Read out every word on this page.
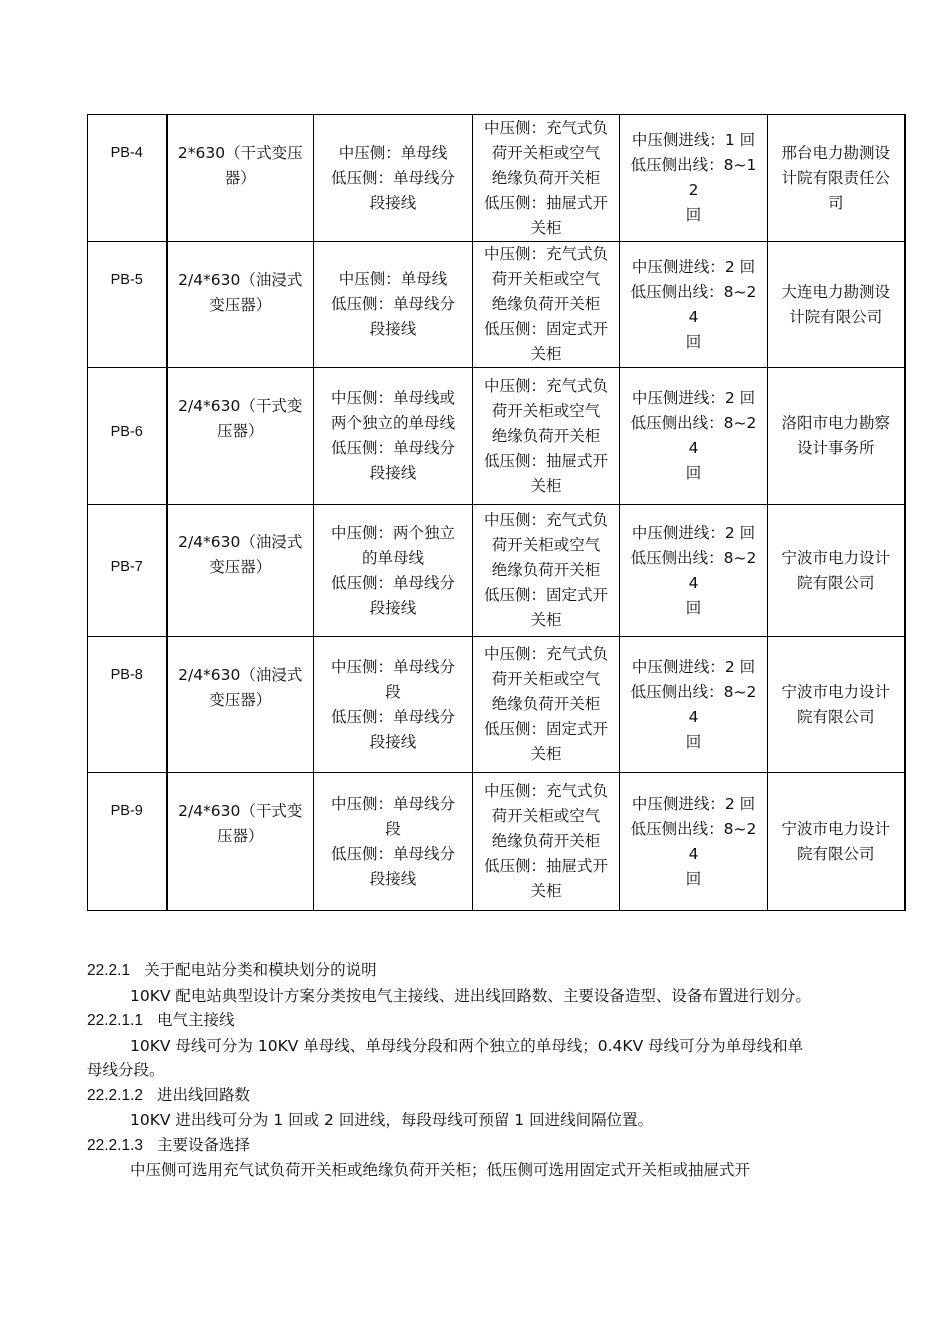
PB-4	2*630（干式变压
器）	中压侧：单母线
低压侧：单母线分
段接线	中压侧：充气式负
荷开关柜或空气
绝缘负荷开关柜
低压侧：抽屉式开
关柜	中压侧进线：1 回
低压侧出线：8~12
回	邢台电力勘测设
计院有限责任公
司
PB-5	2/4*630（油浸式
变压器）	中压侧：单母线
低压侧：单母线分
段接线	中压侧：充气式负
荷开关柜或空气
绝缘负荷开关柜
低压侧：固定式开
关柜	中压侧进线：2 回
低压侧出线：8~24
回	大连电力勘测设
计院有限公司
PB-6	2/4*630（干式变
压器）	中压侧：单母线或
两个独立的单母线
低压侧：单母线分
段接线	中压侧：充气式负
荷开关柜或空气
绝缘负荷开关柜
低压侧：抽屉式开
关柜	中压侧进线：2 回
低压侧出线：8~24
回	洛阳市电力勘察
设计事务所
PB-7	2/4*630（油浸式
变压器）	中压侧：两个独立
的单母线
低压侧：单母线分
段接线	中压侧：充气式负
荷开关柜或空气
绝缘负荷开关柜
低压侧：固定式开
关柜	中压侧进线：2 回
低压侧出线：8~24
回	宁波市电力设计
院有限公司
PB-8	2/4*630（油浸式
变压器）	中压侧：单母线分
段
低压侧：单母线分
段接线	中压侧：充气式负
荷开关柜或空气
绝缘负荷开关柜
低压侧：固定式开
关柜	中压侧进线：2 回
低压侧出线：8~24
回	宁波市电力设计
院有限公司
PB-9	2/4*630（干式变
压器）	中压侧：单母线分
段
低压侧：单母线分
段接线	中压侧：充气式负
荷开关柜或空气
绝缘负荷开关柜
低压侧：抽屉式开
关柜	中压侧进线：2 回
低压侧出线：8~24
回	宁波市电力设计
院有限公司

22.2.1 关于配电站分类和模块划分的说明

10KV 配电站典型设计方案分类按电气主接线、进出线回路数、主要设备造型、设备布置进行划分。

22.2.1.1 电气主接线

10KV 母线可分为 10KV 单母线、单母线分段和两个独立的单母线；0.4KV 母线可分为单母线和单母线分段。

22.2.1.2 进出线回路数

10KV 进出线可分为 1 回或 2 回进线，每段母线可预留 1 回进线间隔位置。

22.2.1.3 主要设备选择

中压侧可选用充气试负荷开关柜或绝缘负荷开关柜；低压侧可选用固定式开关柜或抽屉式开
